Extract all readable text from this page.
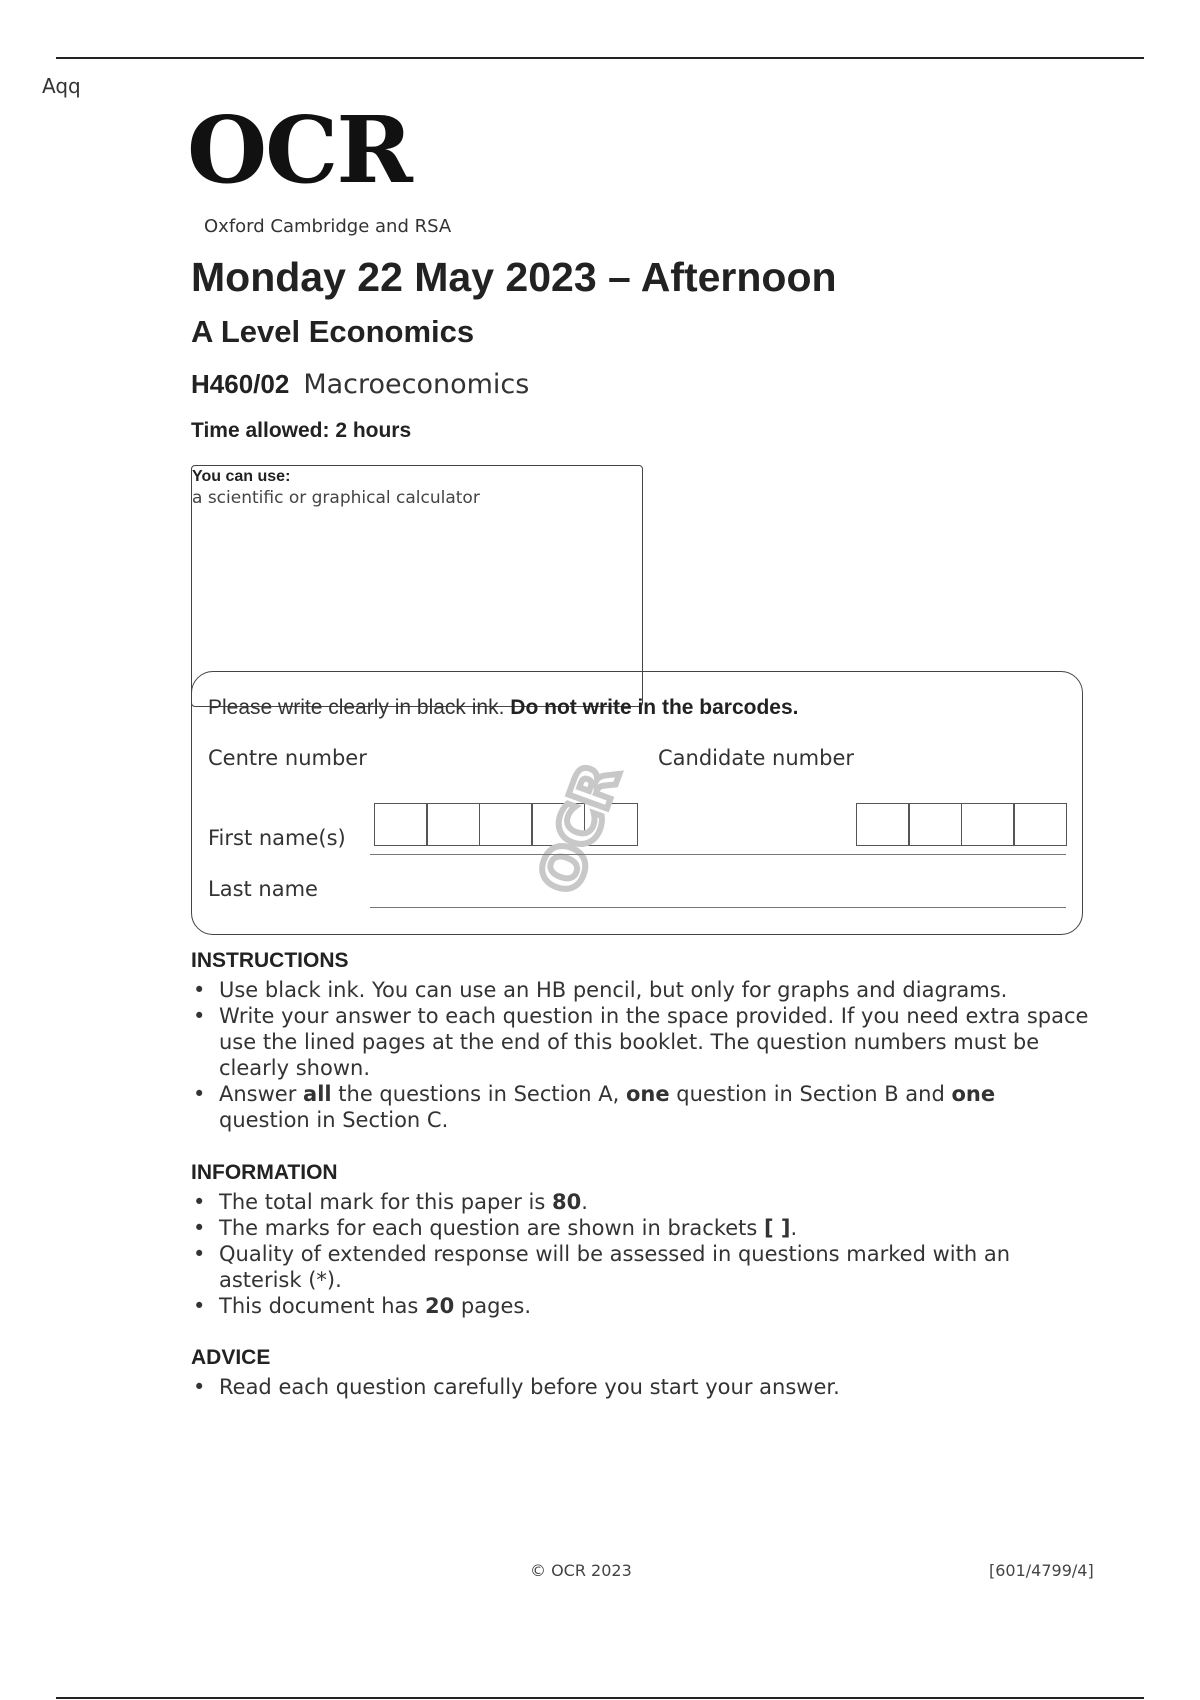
Aqq
OCR
Oxford Cambridge and RSA
Monday 22 May 2023 – Afternoon
A Level Economics
H460/02 Macroeconomics
Time allowed: 2 hours
You can use:
a scientific or graphical calculator
Please write clearly in black ink. Do not write in the barcodes.
Centre number	Candidate number
OCR
First name(s)
Last name
INSTRUCTIONS
• Use black ink. You can use an HB pencil, but only for graphs and diagrams.
• Write your answer to each question in the space provided. If you need extra space use the lined pages at the end of this booklet. The question numbers must be clearly shown.
• Answer all the questions in Section A, one question in Section B and one question in Section C.
INFORMATION
• The total mark for this paper is 80.
• The marks for each question are shown in brackets [ ].
• Quality of extended response will be assessed in questions marked with an asterisk (*).
• This document has 20 pages.
ADVICE
• Read each question carefully before you start your answer.
© OCR 2023	[601/4799/4]
